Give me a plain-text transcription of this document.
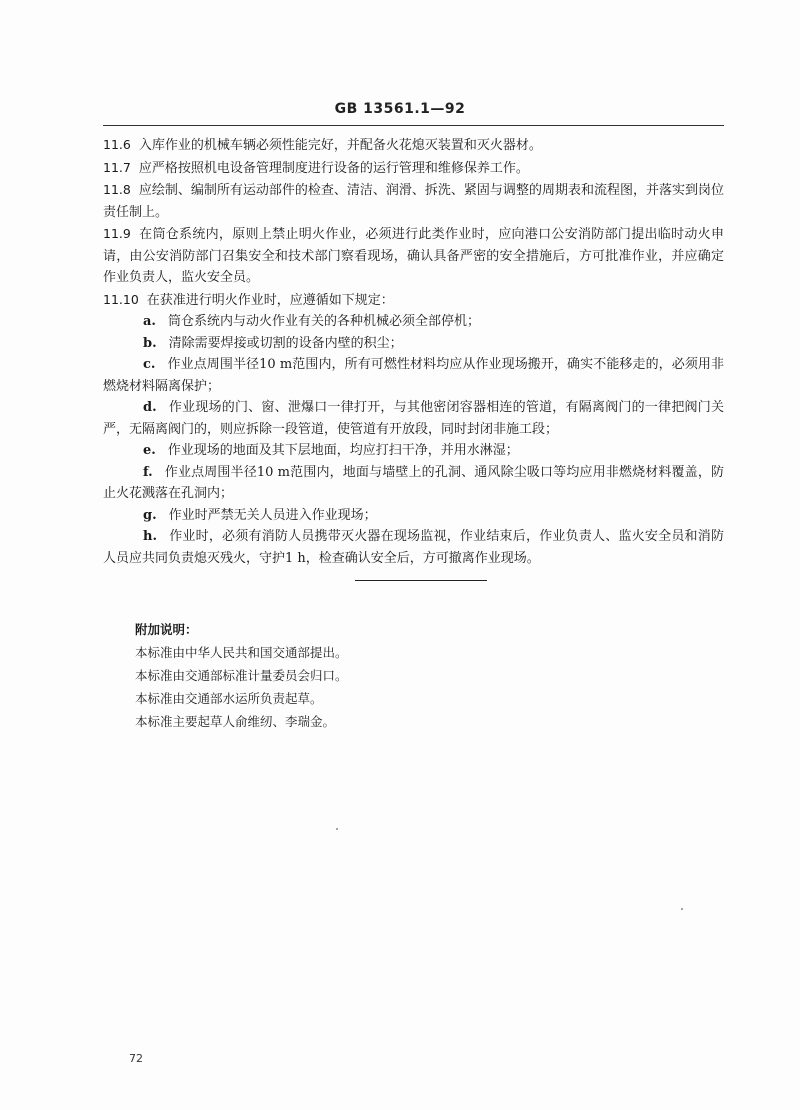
GB 13561.1—92

11.6 入库作业的机械车辆必须性能完好，并配备火花熄灭装置和灭火器材。

11.7 应严格按照机电设备管理制度进行设备的运行管理和维修保养工作。

11.8 应绘制、编制所有运动部件的检查、清洁、润滑、拆洗、紧固与调整的周期表和流程图，并落实到岗位责任制上。

11.9 在筒仓系统内，原则上禁止明火作业，必须进行此类作业时，应向港口公安消防部门提出临时动火申请，由公安消防部门召集安全和技术部门察看现场，确认具备严密的安全措施后，方可批准作业，并应确定作业负责人，监火安全员。

11.10 在获准进行明火作业时，应遵循如下规定：

a. 筒仓系统内与动火作业有关的各种机械必须全部停机；

b. 清除需要焊接或切割的设备内壁的积尘；

c. 作业点周围半径10 m范围内，所有可燃性材料均应从作业现场搬开，确实不能移走的，必须用非燃烧材料隔离保护；

d. 作业现场的门、窗、泄爆口一律打开，与其他密闭容器相连的管道，有隔离阀门的一律把阀门关严，无隔离阀门的，则应拆除一段管道，使管道有开放段，同时封闭非施工段；

e. 作业现场的地面及其下层地面，均应打扫干净，并用水淋湿；

f. 作业点周围半径10 m范围内，地面与墙壁上的孔洞、通风除尘吸口等均应用非燃烧材料覆盖，防止火花溅落在孔洞内；

g. 作业时严禁无关人员进入作业现场；

h. 作业时，必须有消防人员携带灭火器在现场监视，作业结束后，作业负责人、监火安全员和消防人员应共同负责熄灭残火，守护1 h，检查确认安全后，方可撤离作业现场。

附加说明：

本标准由中华人民共和国交通部提出。

本标准由交通部标准计量委员会归口。

本标准由交通部水运所负责起草。

本标准主要起草人俞维纫、李瑞金。

72
